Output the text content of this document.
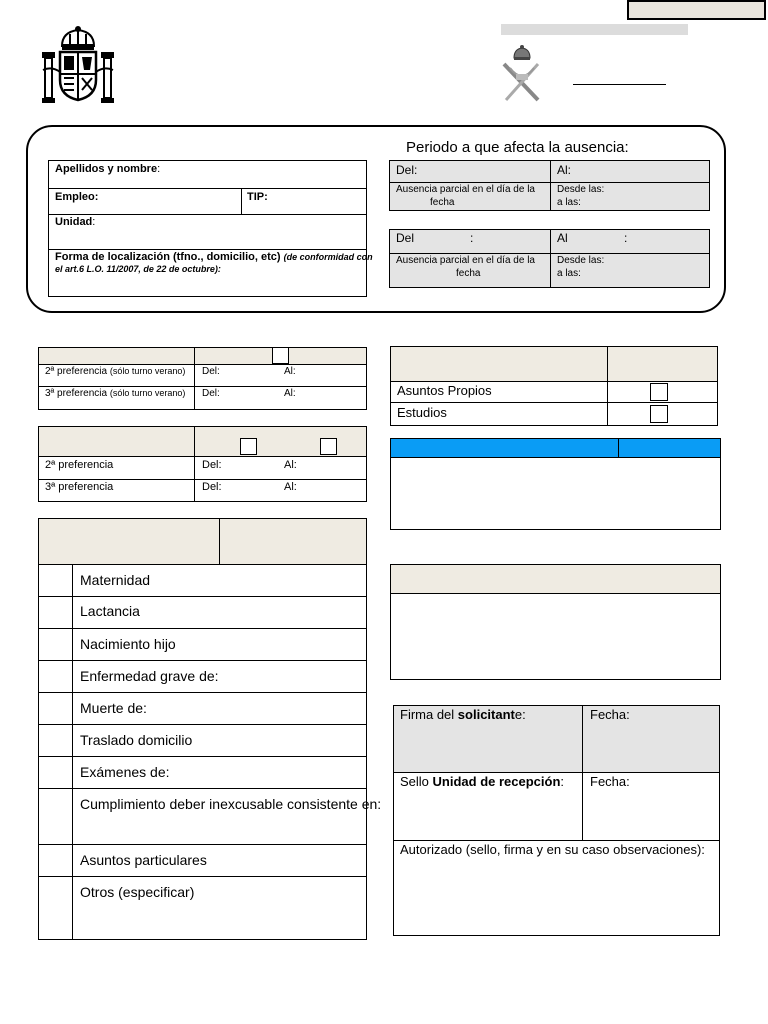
Apellidos y nombre:
Empleo:	TIP:
Unidad:
Forma de localización (tfno., domicilio, etc) (de conformidad con
el art.6 L.O. 11/2007, de 22 de octubre):
Periodo a que afecta la ausencia:
Del:	Al:
Ausencia parcial en el día de la
fecha
Desde las:
a las:
Del	:	Al	:
Ausencia parcial en el día de la
fecha
Desde las:
a las:
2ª preferencia (sólo turno verano) Del:	Al:
3ª preferencia (sólo turno verano) Del:	Al:
2ª preferencia	Del:	Al:
3ª preferencia	Del:	Al:
Asuntos Propios
Estudios
Maternidad
Lactancia
Nacimiento hijo
Enfermedad grave de:
Muerte de:
Traslado domicilio
Exámenes de:
Cumplimiento deber inexcusable consistente en:
Asuntos particulares
Otros (especificar)
Firma del solicitante:	Fecha:
Sello Unidad de recepción: Fecha:
Autorizado (sello, firma y en su caso observaciones):
